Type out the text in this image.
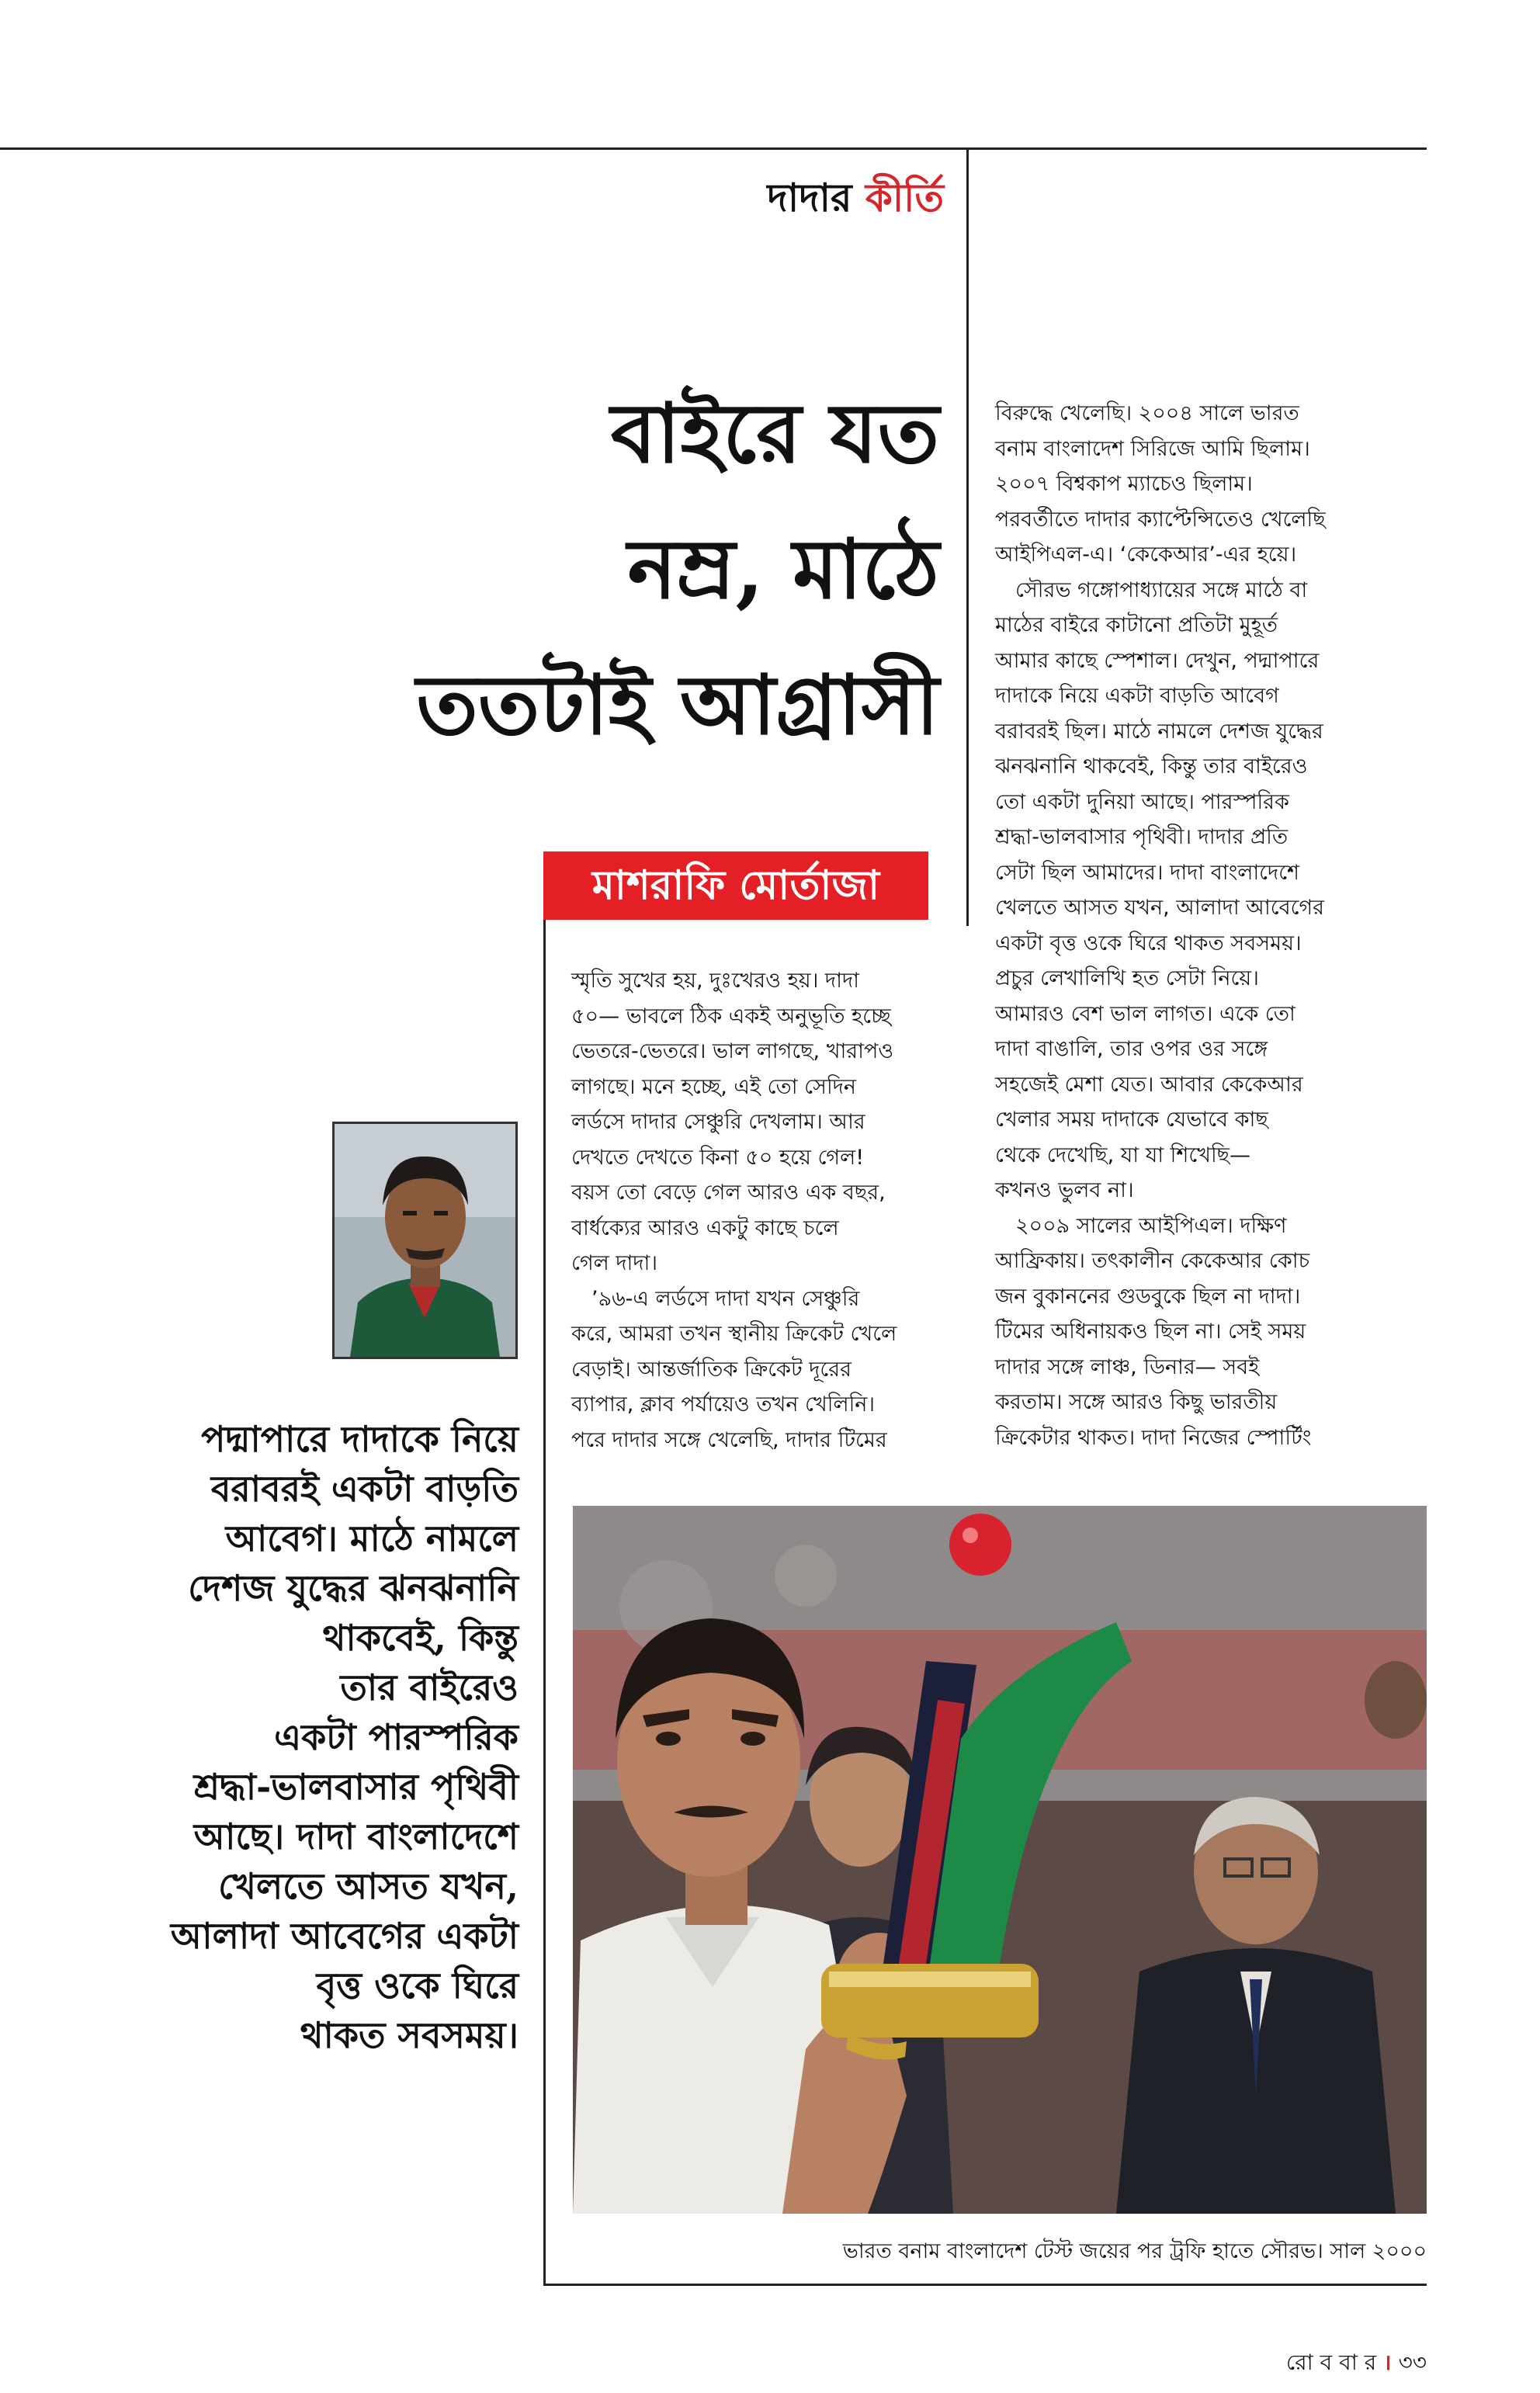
দাদার কীর্তি
বাইরে যত
নম্র, মাঠে
ততটাই আগ্রাসী
মাশরাফি মোর্তাজা

স্মৃতি সুখের হয়, দুঃখেরও হয়। দাদা

৫০— ভাবলে ঠিক একই অনুভূতি হচ্ছে

ভেতরে-ভেতরে। ভাল লাগছে, খারাপও

লাগছে। মনে হচ্ছে, এই তো সেদিন

লর্ডসে দাদার সেঞ্চুরি দেখলাম। আর

দেখতে দেখতে কিনা ৫০ হয়ে গেল!

বয়স তো বেড়ে গেল আরও এক বছর,

বার্ধক্যের আরও একটু কাছে চলে

গেল দাদা।

’৯৬-এ লর্ডসে দাদা যখন সেঞ্চুরি

করে, আমরা তখন স্থানীয় ক্রিকেট খেলে

বেড়াই। আন্তর্জাতিক ক্রিকেট দূরের

ব্যাপার, ক্লাব পর্যায়েও তখন খেলিনি।

পরে দাদার সঙ্গে খেলেছি, দাদার টিমের

বিরুদ্ধে খেলেছি। ২০০৪ সালে ভারত

বনাম বাংলাদেশ সিরিজে আমি ছিলাম।

২০০৭ বিশ্বকাপ ম্যাচেও ছিলাম।

পরবর্তীতে দাদার ক্যাপ্টেন্সিতেও খেলেছি

আইপিএল-এ। ‘কেকেআর’-এর হয়ে।

সৌরভ গঙ্গোপাধ্যায়ের সঙ্গে মাঠে বা

মাঠের বাইরে কাটানো প্রতিটা মুহূর্ত

আমার কাছে স্পেশাল। দেখুন, পদ্মাপারে

দাদাকে নিয়ে একটা বাড়তি আবেগ

বরাবরই ছিল। মাঠে নামলে দেশজ যুদ্ধের

ঝনঝনানি থাকবেই, কিন্তু তার বাইরেও

তো একটা দুনিয়া আছে। পারস্পরিক

শ্রদ্ধা-ভালবাসার পৃথিবী। দাদার প্রতি

সেটা ছিল আমাদের। দাদা বাংলাদেশে

খেলতে আসত যখন, আলাদা আবেগের

একটা বৃত্ত ওকে ঘিরে থাকত সবসময়।

প্রচুর লেখালিখি হত সেটা নিয়ে।

আমারও বেশ ভাল লাগত। একে তো

দাদা বাঙালি, তার ওপর ওর সঙ্গে

সহজেই মেশা যেত। আবার কেকেআর

খেলার সময় দাদাকে যেভাবে কাছ

থেকে দেখেছি, যা যা শিখেছি—

কখনও ভুলব না।

২০০৯ সালের আইপিএল। দক্ষিণ

আফ্রিকায়। তৎকালীন কেকেআর কোচ

জন বুকাননের গুডবুকে ছিল না দাদা।

টিমের অধিনায়কও ছিল না। সেই সময়

দাদার সঙ্গে লাঞ্চ, ডিনার— সবই

করতাম। সঙ্গে আরও কিছু ভারতীয়

ক্রিকেটার থাকত। দাদা নিজের স্পোর্টিং

পদ্মাপারে দাদাকে নিয়ে
বরাবরই একটা বাড়তি
আবেগ। মাঠে নামলে
দেশজ যুদ্ধের ঝনঝনানি
থাকবেই, কিন্তু
তার বাইরেও
একটা পারস্পরিক
শ্রদ্ধা-ভালবাসার পৃথিবী
আছে। দাদা বাংলাদেশে
খেলতে আসত যখন,
আলাদা আবেগের একটা
বৃত্ত ওকে ঘিরে
থাকত সবসময়।
ভারত বনাম বাংলাদেশ টেস্ট জয়ের পর ট্রফি হাতে সৌরভ। সাল ২০০০
রো ব বা র । ৩৩
